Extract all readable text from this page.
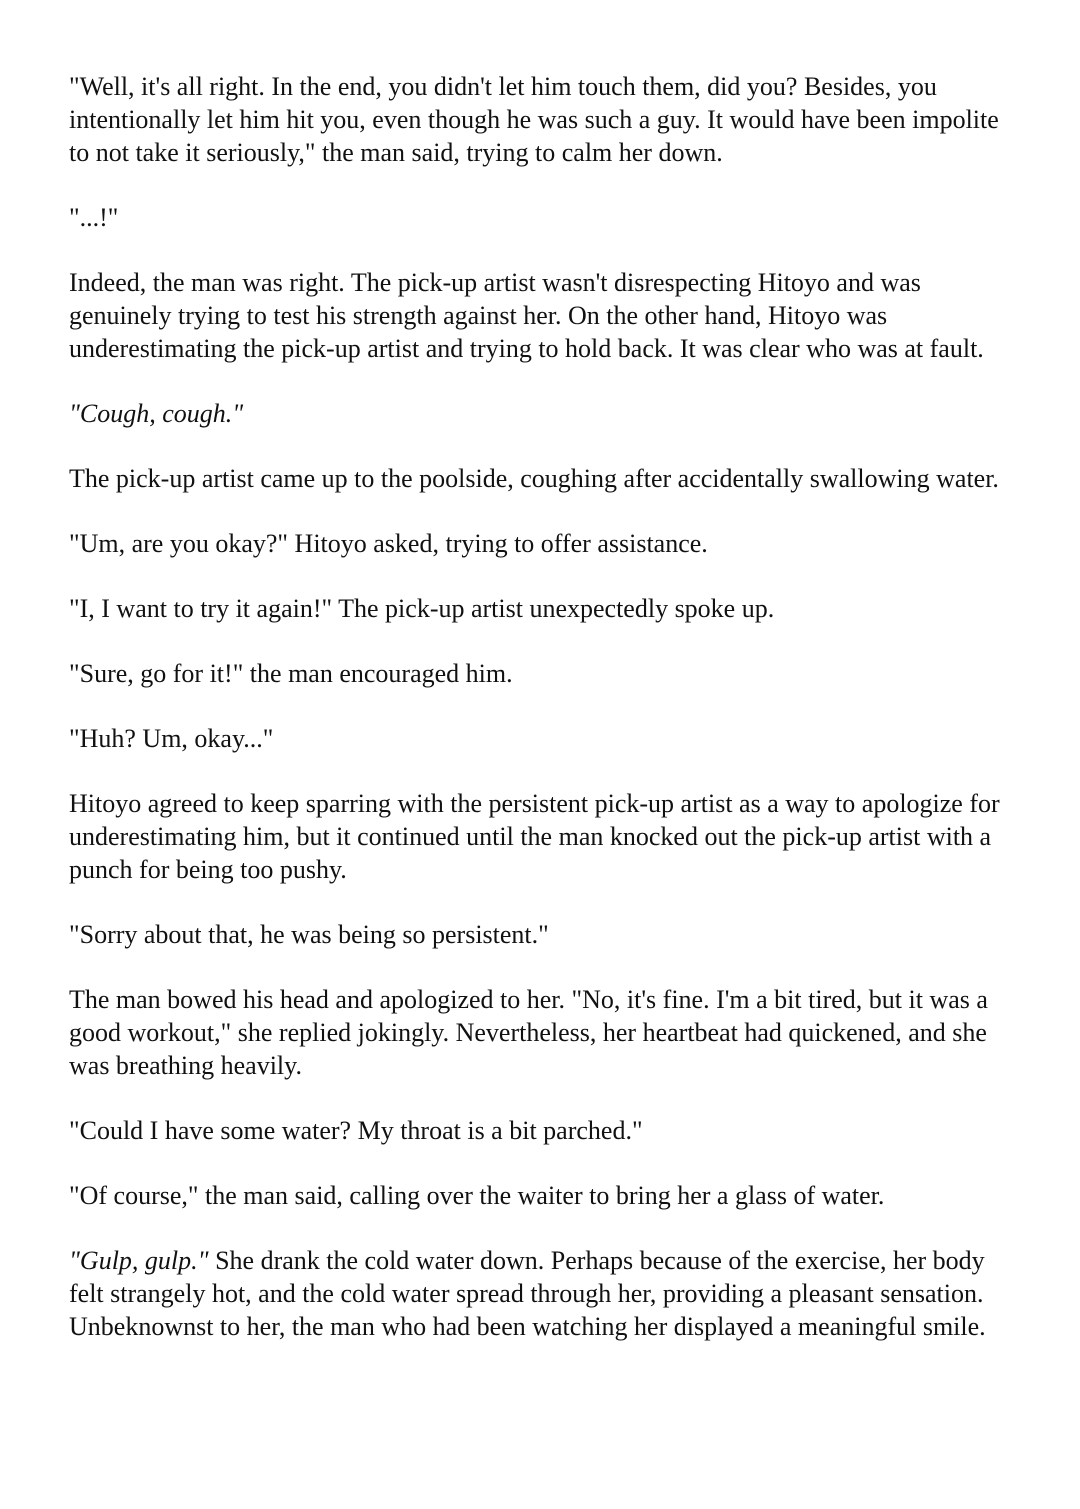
"Well, it's all right. In the end, you didn't let him touch them, did you? Besides, you intentionally let him hit you, even though he was such a guy. It would have been impolite to not take it seriously," the man said, trying to calm her down.

"...!"

Indeed, the man was right. The pick-up artist wasn't disrespecting Hitoyo and was genuinely trying to test his strength against her. On the other hand, Hitoyo was underestimating the pick-up artist and trying to hold back. It was clear who was at fault.

"Cough, cough."

The pick-up artist came up to the poolside, coughing after accidentally swallowing water.

"Um, are you okay?" Hitoyo asked, trying to offer assistance.

"I, I want to try it again!" The pick-up artist unexpectedly spoke up.

"Sure, go for it!" the man encouraged him.

"Huh? Um, okay..."

Hitoyo agreed to keep sparring with the persistent pick-up artist as a way to apologize for underestimating him, but it continued until the man knocked out the pick-up artist with a punch for being too pushy.

"Sorry about that, he was being so persistent."

The man bowed his head and apologized to her. "No, it's fine. I'm a bit tired, but it was a good workout," she replied jokingly. Nevertheless, her heartbeat had quickened, and she was breathing heavily.

"Could I have some water? My throat is a bit parched."

"Of course," the man said, calling over the waiter to bring her a glass of water.

"Gulp, gulp." She drank the cold water down. Perhaps because of the exercise, her body felt strangely hot, and the cold water spread through her, providing a pleasant sensation. Unbeknownst to her, the man who had been watching her displayed a meaningful smile.
